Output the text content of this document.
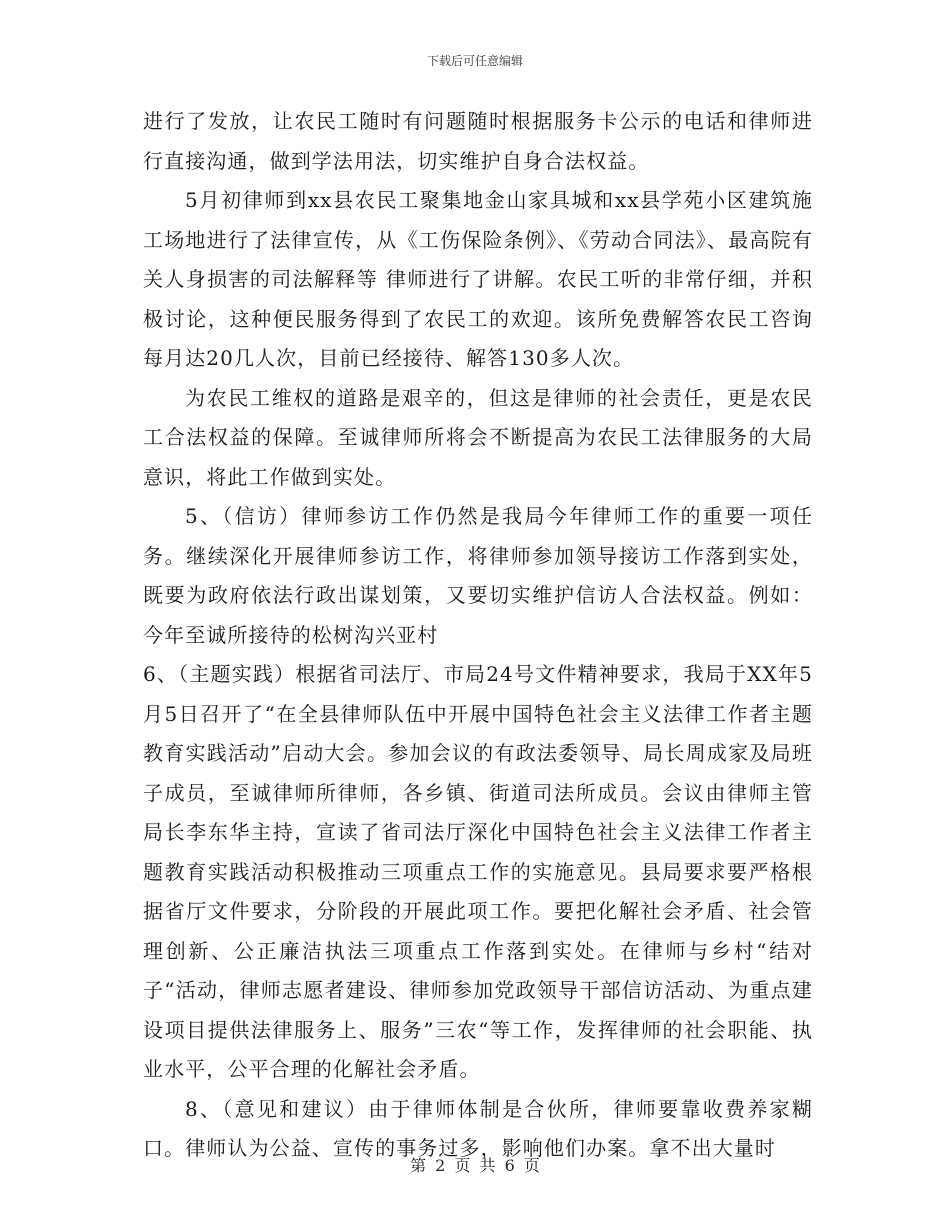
下载后可任意编辑

进行了发放，让农民工随时有问题随时根据服务卡公示的电话和律师进行直接沟通，做到学法用法，切实维护自身合法权益。

5月初律师到xx县农民工聚集地金山家具城和xx县学苑小区建筑施工场地进行了法律宣传，从《工伤保险条例》、《劳动合同法》、最高院有关人身损害的司法解释等 律师进行了讲解。农民工听的非常仔细，并积极讨论，这种便民服务得到了农民工的欢迎。该所免费解答农民工咨询每月达20几人次，目前已经接待、解答130多人次。

为农民工维权的道路是艰辛的，但这是律师的社会责任，更是农民工合法权益的保障。至诚律师所将会不断提高为农民工法律服务的大局意识，将此工作做到实处。

5、（信访）律师参访工作仍然是我局今年律师工作的重要一项任务。继续深化开展律师参访工作，将律师参加领导接访工作落到实处，既要为政府依法行政出谋划策，又要切实维护信访人合法权益。例如：今年至诚所接待的松树沟兴亚村

6、（主题实践）根据省司法厅、市局24号文件精神要求，我局于XX年5月5日召开了“在全县律师队伍中开展中国特色社会主义法律工作者主题教育实践活动”启动大会。参加会议的有政法委领导、局长周成家及局班子成员，至诚律师所律师，各乡镇、街道司法所成员。会议由律师主管局长李东华主持，宣读了省司法厅深化中国特色社会主义法律工作者主题教育实践活动积极推动三项重点工作的实施意见。县局要求要严格根据省厅文件要求，分阶段的开展此项工作。要把化解社会矛盾、社会管理创新、公正廉洁执法三项重点工作落到实处。在律师与乡村“结对子“活动，律师志愿者建设、律师参加党政领导干部信访活动、为重点建设项目提供法律服务上、服务”三农“等工作，发挥律师的社会职能、执业水平，公平合理的化解社会矛盾。

8、（意见和建议）由于律师体制是合伙所，律师要靠收费养家糊口。律师认为公益、宣传的事务过多，影响他们办案。拿不出大量时

第 2 页 共 6 页
